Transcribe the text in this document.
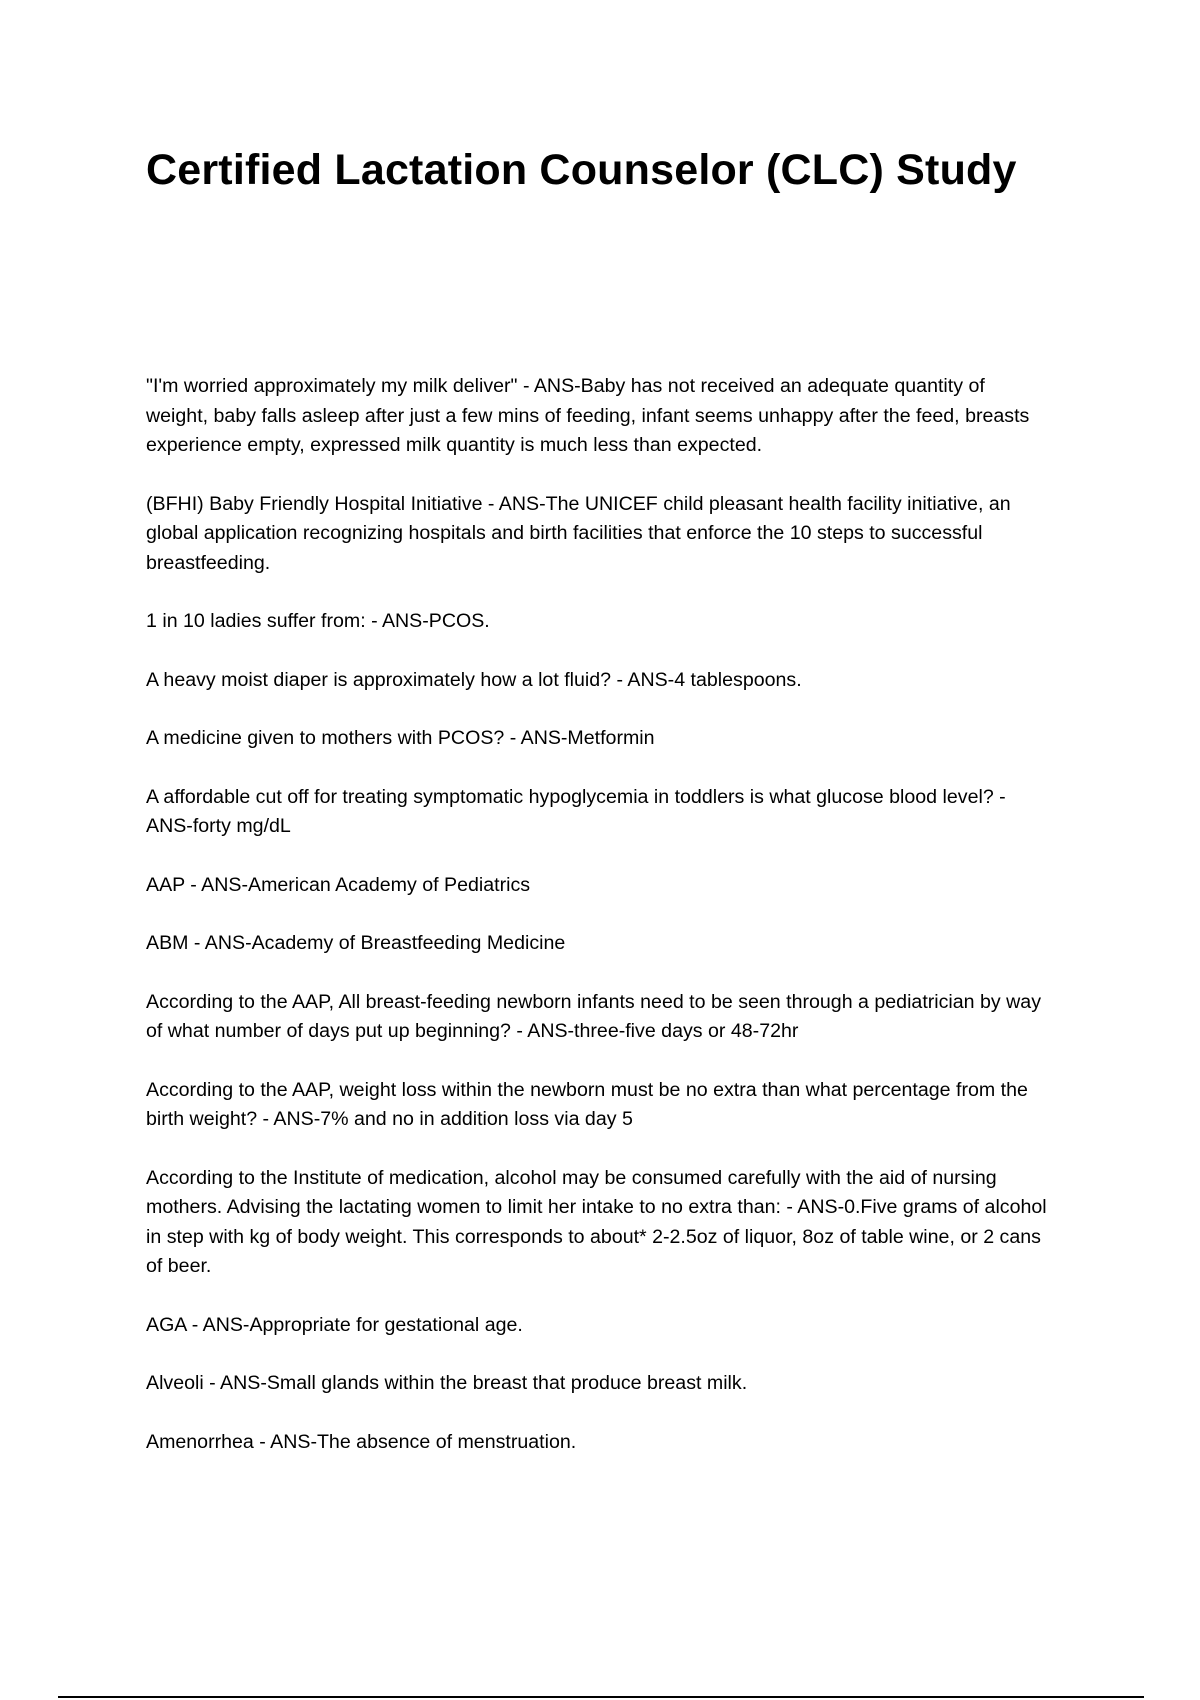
Certified Lactation Counselor (CLC) Study

"I'm worried approximately my milk deliver" - ANS-Baby has not received an adequate quantity of weight, baby falls asleep after just a few mins of feeding, infant seems unhappy after the feed, breasts experience empty, expressed milk quantity is much less than expected.

(BFHI) Baby Friendly Hospital Initiative - ANS-The UNICEF child pleasant health facility initiative, an global application recognizing hospitals and birth facilities that enforce the 10 steps to successful breastfeeding.

1 in 10 ladies suffer from: - ANS-PCOS.

A heavy moist diaper is approximately how a lot fluid? - ANS-4 tablespoons.

A medicine given to mothers with PCOS? - ANS-Metformin

A affordable cut off for treating symptomatic hypoglycemia in toddlers is what glucose blood level? - ANS-forty mg/dL

AAP - ANS-American Academy of Pediatrics

ABM - ANS-Academy of Breastfeeding Medicine

According to the AAP, All breast-feeding newborn infants need to be seen through a pediatrician by way of what number of days put up beginning? - ANS-three-five days or 48-72hr

According to the AAP, weight loss within the newborn must be no extra than what percentage from the birth weight? - ANS-7% and no in addition loss via day 5

According to the Institute of medication, alcohol may be consumed carefully with the aid of nursing mothers. Advising the lactating women to limit her intake to no extra than: - ANS-0.Five grams of alcohol in step with kg of body weight. This corresponds to about* 2-2.5oz of liquor, 8oz of table wine, or 2 cans of beer.

AGA - ANS-Appropriate for gestational age.

Alveoli - ANS-Small glands within the breast that produce breast milk.

Amenorrhea - ANS-The absence of menstruation.
